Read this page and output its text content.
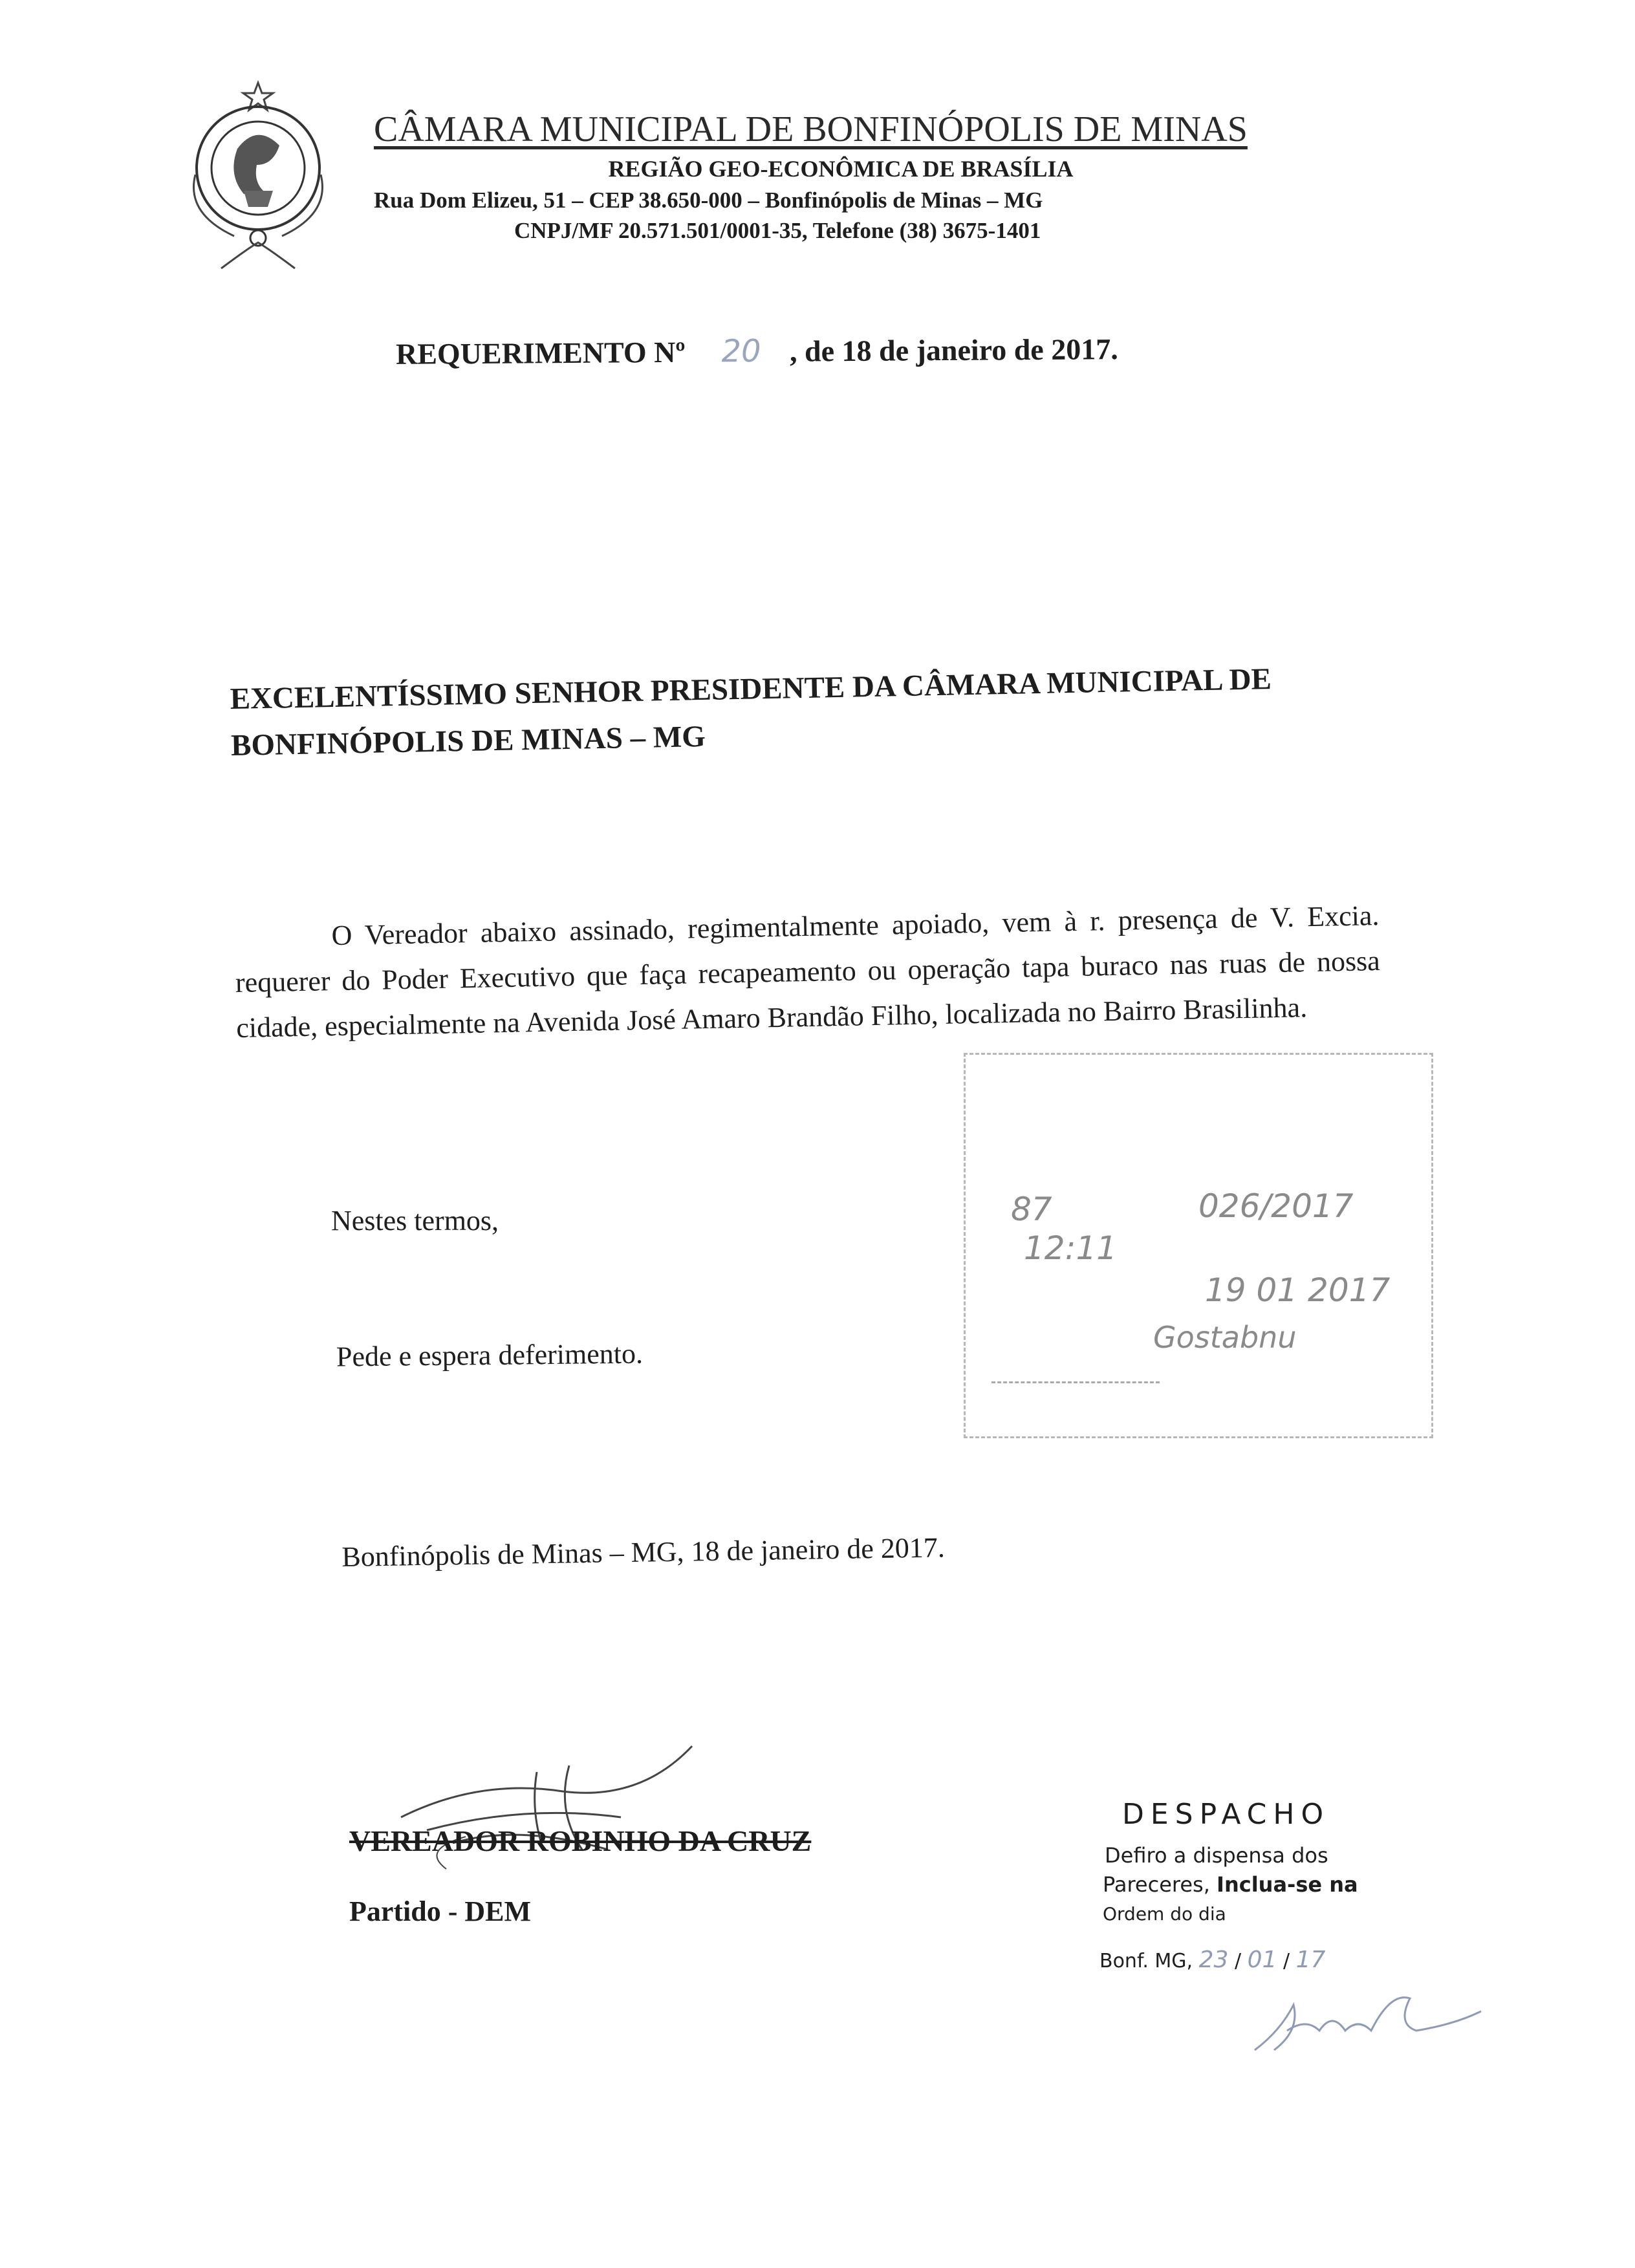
CÂMARA MUNICIPAL DE BONFINÓPOLIS DE MINAS
REGIÃO GEO-ECONÔMICA DE BRASÍLIA
Rua Dom Elizeu, 51 – CEP 38.650-000 – Bonfinópolis de Minas – MG
CNPJ/MF 20.571.501/0001-35, Telefone (38) 3675-1401
REQUERIMENTO Nº 20 , de 18 de janeiro de 2017.
EXCELENTÍSSIMO SENHOR PRESIDENTE DA CÂMARA MUNICIPAL DE
BONFINÓPOLIS DE MINAS – MG

O Vereador abaixo assinado, regimentalmente apoiado, vem à r. presença de V. Excia. requerer do Poder Executivo que faça recapeamento ou operação tapa buraco nas ruas de nossa cidade, especialmente na Avenida José Amaro Brandão Filho, localizada no Bairro Brasilinha.

Nestes termos,
Pede e espera deferimento.
Bonfinópolis de Minas – MG, 18 de janeiro de 2017.
87	026/2017
12:11
19 01 2017
Gostabnu
VEREADOR ROBINHO DA CRUZ
Partido - DEM
DESPACHO
Defiro a dispensa dos
Pareceres, Inclua-se na
Ordem do dia
Bonf. MG, 23 / 01 / 17
